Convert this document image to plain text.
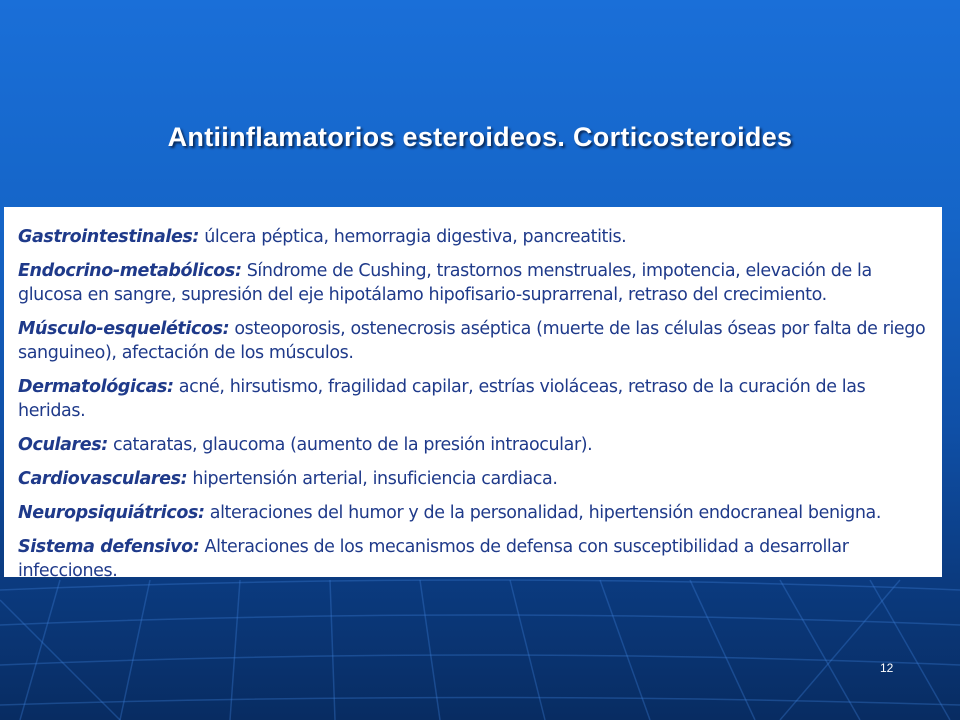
Antiinflamatorios esteroideos. Corticosteroides

Gastrointestinales: úlcera péptica, hemorragia digestiva, pancreatitis.

Endocrino-metabólicos: Síndrome de Cushing, trastornos menstruales, impotencia, elevación de la glucosa en sangre, supresión del eje hipotálamo hipofisario-suprarrenal, retraso del crecimiento.

Músculo-esqueléticos: osteoporosis, ostenecrosis aséptica (muerte de las células óseas por falta de riego sanguineo), afectación de los músculos.

Dermatológicas: acné, hirsutismo, fragilidad capilar, estrías violáceas, retraso de la curación de las heridas.

Oculares: cataratas, glaucoma (aumento de la presión intraocular).

Cardiovasculares: hipertensión arterial, insuficiencia cardiaca.

Neuropsiquiátricos: alteraciones del humor y de la personalidad, hipertensión endocraneal benigna.

Sistema defensivo: Alteraciones de los mecanismos de defensa con susceptibilidad a desarrollar infecciones.

12
